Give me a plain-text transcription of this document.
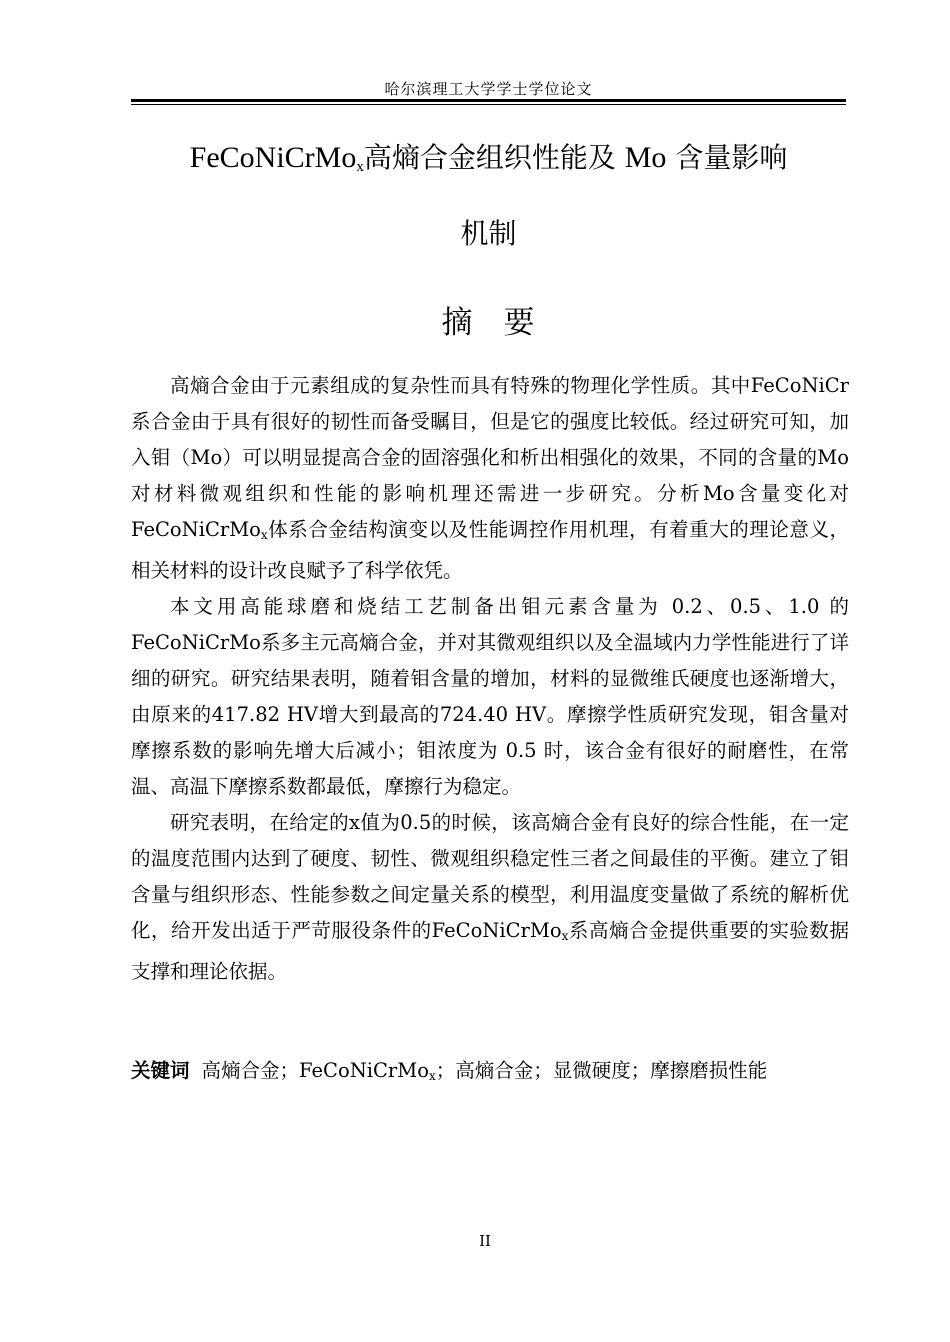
哈尔滨理工大学学士学位论文
FeCoNiCrMo$_x$高熵合金组织性能及 Mo 含量影响
机制
摘 要

高熵合金由于元素组成的复杂性而具有特殊的物理化学性质。其中FeCoNiCr系合金由于具有很好的韧性而备受瞩目，但是它的强度比较低。经过研究可知，加入钼（Mo）可以明显提高合金的固溶强化和析出相强化的效果，不同的含量的Mo对材料微观组织和性能的影响机理还需进一步研究。分析Mo含量变化对FeCoNiCrMo$_x$体系合金结构演变以及性能调控作用机理，有着重大的理论意义，相关材料的设计改良赋予了科学依凭。

本文用高能球磨和烧结工艺制备出钼元素含量为 0.2、0.5、1.0 的FeCoNiCrMo系多主元高熵合金，并对其微观组织以及全温域内力学性能进行了详细的研究。研究结果表明，随着钼含量的增加，材料的显微维氏硬度也逐渐增大，由原来的417.82 HV增大到最高的724.40 HV。摩擦学性质研究发现，钼含量对摩擦系数的影响先增大后减小；钼浓度为 0.5 时，该合金有很好的耐磨性，在常温、高温下摩擦系数都最低，摩擦行为稳定。

研究表明，在给定的x值为0.5的时候，该高熵合金有良好的综合性能，在一定的温度范围内达到了硬度、韧性、微观组织稳定性三者之间最佳的平衡。建立了钼含量与组织形态、性能参数之间定量关系的模型，利用温度变量做了系统的解析优化，给开发出适于严苛服役条件的FeCoNiCrMo$_x$系高熵合金提供重要的实验数据支撑和理论依据。

关键词 高熵合金；FeCoNiCrMo$_x$；高熵合金；显微硬度；摩擦磨损性能
II
